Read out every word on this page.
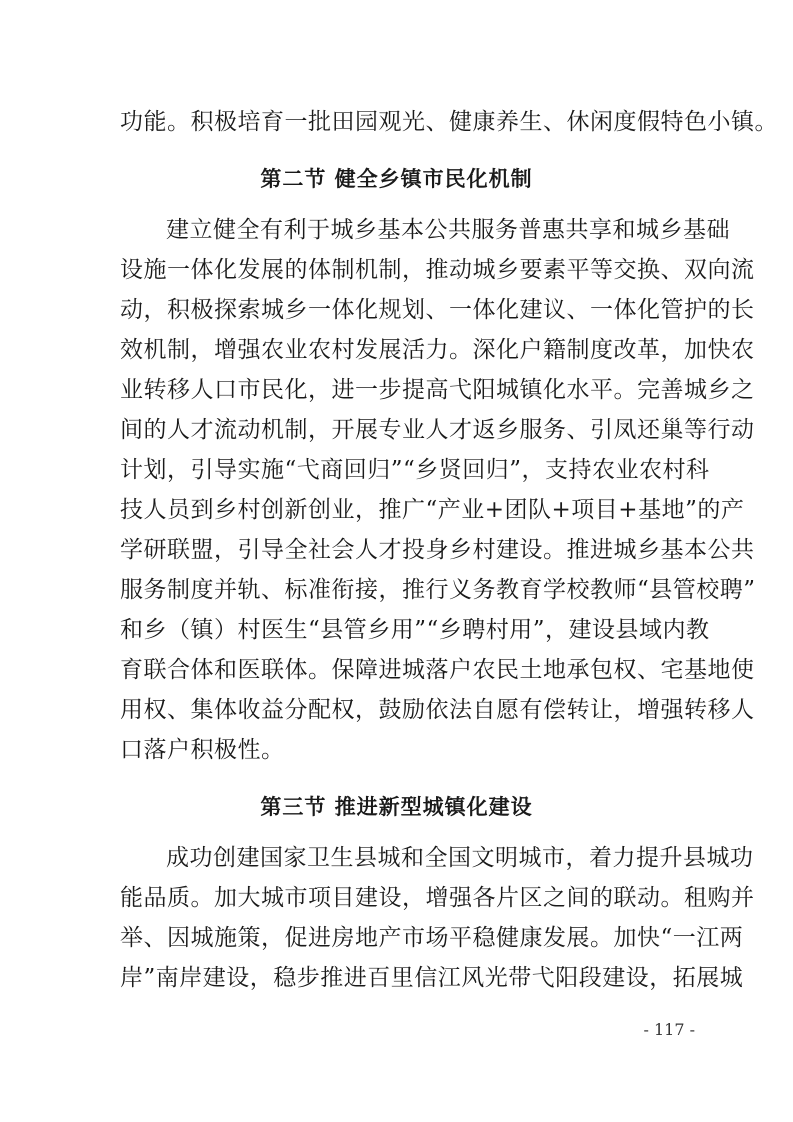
功能。积极培育一批田园观光、健康养生、休闲度假特色小镇。
第二节 健全乡镇市民化机制
建立健全有利于城乡基本公共服务普惠共享和城乡基础
设施一体化发展的体制机制，推动城乡要素平等交换、双向流
动，积极探索城乡一体化规划、一体化建议、一体化管护的长
效机制，增强农业农村发展活力。深化户籍制度改革，加快农
业转移人口市民化，进一步提高弋阳城镇化水平。完善城乡之
间的人才流动机制，开展专业人才返乡服务、引凤还巢等行动
计划，引导实施“弋商回归”“乡贤回归”，支持农业农村科
技人员到乡村创新创业，推广“产业+团队+项目+基地”的产
学研联盟，引导全社会人才投身乡村建设。推进城乡基本公共
服务制度并轨、标准衔接，推行义务教育学校教师“县管校聘”
和乡（镇）村医生“县管乡用”“乡聘村用”，建设县域内教
育联合体和医联体。保障进城落户农民土地承包权、宅基地使
用权、集体收益分配权，鼓励依法自愿有偿转让，增强转移人
口落户积极性。
第三节 推进新型城镇化建设
成功创建国家卫生县城和全国文明城市，着力提升县城功
能品质。加大城市项目建设，增强各片区之间的联动。租购并
举、因城施策，促进房地产市场平稳健康发展。加快“一江两
岸”南岸建设，稳步推进百里信江风光带弋阳段建设，拓展城
- 117 -
